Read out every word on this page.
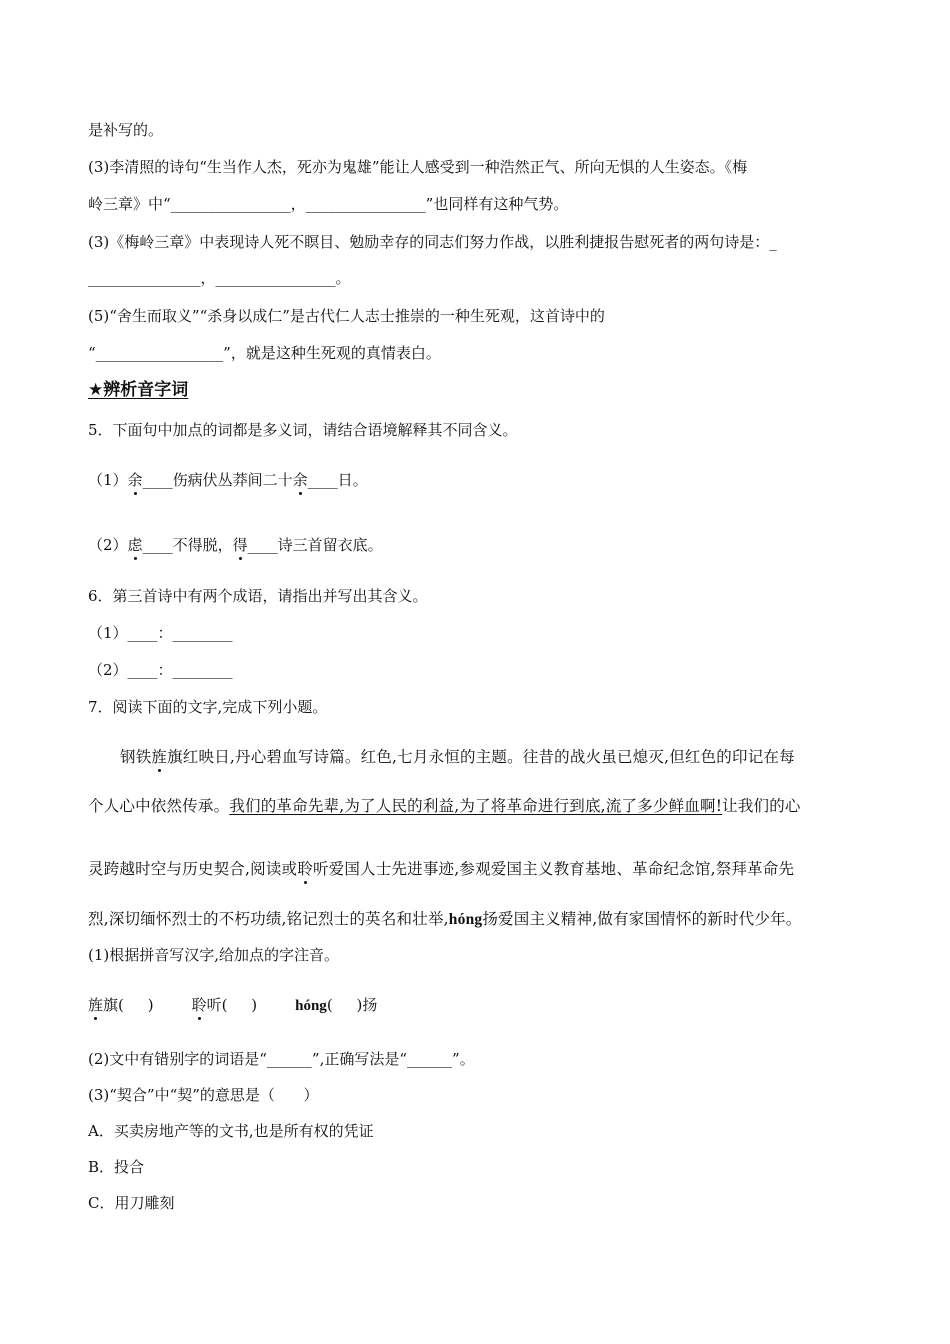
是补写的。
(3)李清照的诗句“生当作人杰，死亦为鬼雄”能让人感受到一种浩然正气、所向无惧的人生姿态。《梅
岭三章》中“________________，________________”也同样有这种气势。
(3)《梅岭三章》中表现诗人死不瞑目、勉励幸存的同志们努力作战，以胜利捷报告慰死者的两句诗是：_
_______________，________________。
(5)“舍生而取义”“杀身以成仁”是古代仁人志士推崇的一种生死观，这首诗中的
“_________________”，就是这种生死观的真情表白。
★辨析音字词
5．下面句中加点的词都是多义词，请结合语境解释其不同含义。
（1）余____伤病伏丛莽间二十余____日。
（2）虑____不得脱，得____诗三首留衣底。
6．第三首诗中有两个成语，请指出并写出其含义。
（1）____：________
（2）____：________
7．阅读下面的文字,完成下列小题。
钢铁旌旗红映日,丹心碧血写诗篇。红色,七月永恒的主题。往昔的战火虽已熄灭,但红色的印记在每
个人心中依然传承。我们的革命先辈,为了人民的利益,为了将革命进行到底,流了多少鲜血啊!让我们的心
灵跨越时空与历史契合,阅读或聆听爱国人士先进事迹,参观爱国主义教育基地、革命纪念馆,祭拜革命先
烈,深切缅怀烈士的不朽功绩,铭记烈士的英名和壮举,hóng扬爱国主义精神,做有家国情怀的新时代少年。
(1)根据拼音写汉字,给加点的字注音。
旌旗(     )	聆听(     )	hóng(     )扬
(2)文中有错别字的词语是“______”,正确写法是“______”。
(3)“契合”中“契”的意思是（      ）
A．买卖房地产等的文书,也是所有权的凭证
B．投合
C．用刀雕刻
